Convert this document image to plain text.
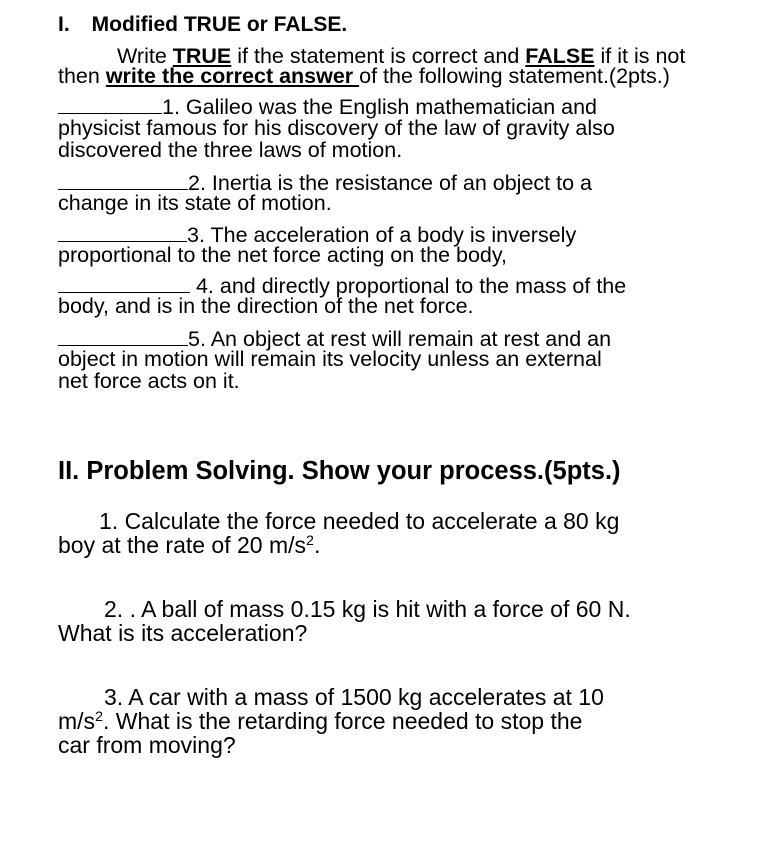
I. Modified TRUE or FALSE.
Write TRUE if the statement is correct and FALSE if it is not
then write the correct answer of the following statement.(2pts.)
1. Galileo was the English mathematician and
physicist famous for his discovery of the law of gravity also
discovered the three laws of motion.
2. Inertia is the resistance of an object to a
change in its state of motion.
3. The acceleration of a body is inversely
proportional to the net force acting on the body,
4. and directly proportional to the mass of the
body, and is in the direction of the net force.
5. An object at rest will remain at rest and an
object in motion will remain its velocity unless an external
net force acts on it.
II. Problem Solving. Show your process.(5pts.)
1. Calculate the force needed to accelerate a 80 kg
boy at the rate of 20 $m/s^2$.
2. . A ball of mass 0.15 kg is hit with a force of 60 N.
What is its acceleration?
3. A car with a mass of 1500 kg accelerates at 10
$m/s^2$. What is the retarding force needed to stop the
car from moving?
